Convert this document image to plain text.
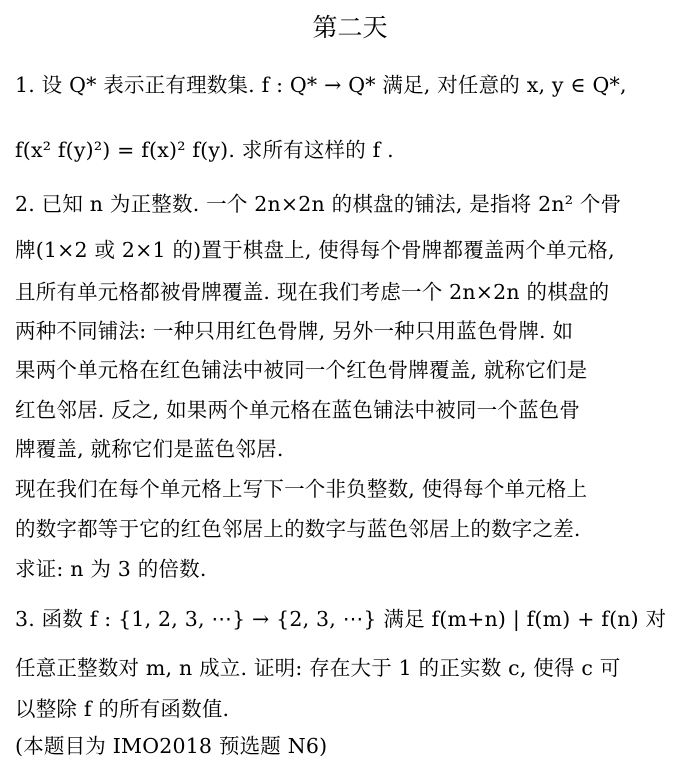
第二天
1. 设 Q* 表示正有理数集. f : Q* → Q* 满足, 对任意的 x, y ∈ Q*,
f(x² f(y)²) = f(x)² f(y). 求所有这样的 f .
2. 已知 n 为正整数. 一个 2n×2n 的棋盘的铺法, 是指将 2n² 个骨
牌(1×2 或 2×1 的)置于棋盘上, 使得每个骨牌都覆盖两个单元格,
且所有单元格都被骨牌覆盖. 现在我们考虑一个 2n×2n 的棋盘的
两种不同铺法: 一种只用红色骨牌, 另外一种只用蓝色骨牌. 如
果两个单元格在红色铺法中被同一个红色骨牌覆盖, 就称它们是
红色邻居. 反之, 如果两个单元格在蓝色铺法中被同一个蓝色骨
牌覆盖, 就称它们是蓝色邻居.
现在我们在每个单元格上写下一个非负整数, 使得每个单元格上
的数字都等于它的红色邻居上的数字与蓝色邻居上的数字之差.
求证: n 为 3 的倍数.
3. 函数 f : {1, 2, 3, ⋯} → {2, 3, ⋯} 满足 f(m+n) | f(m) + f(n) 对
任意正整数对 m, n 成立. 证明: 存在大于 1 的正实数 c, 使得 c 可
以整除 f 的所有函数值.
(本题目为 IMO2018 预选题 N6)
